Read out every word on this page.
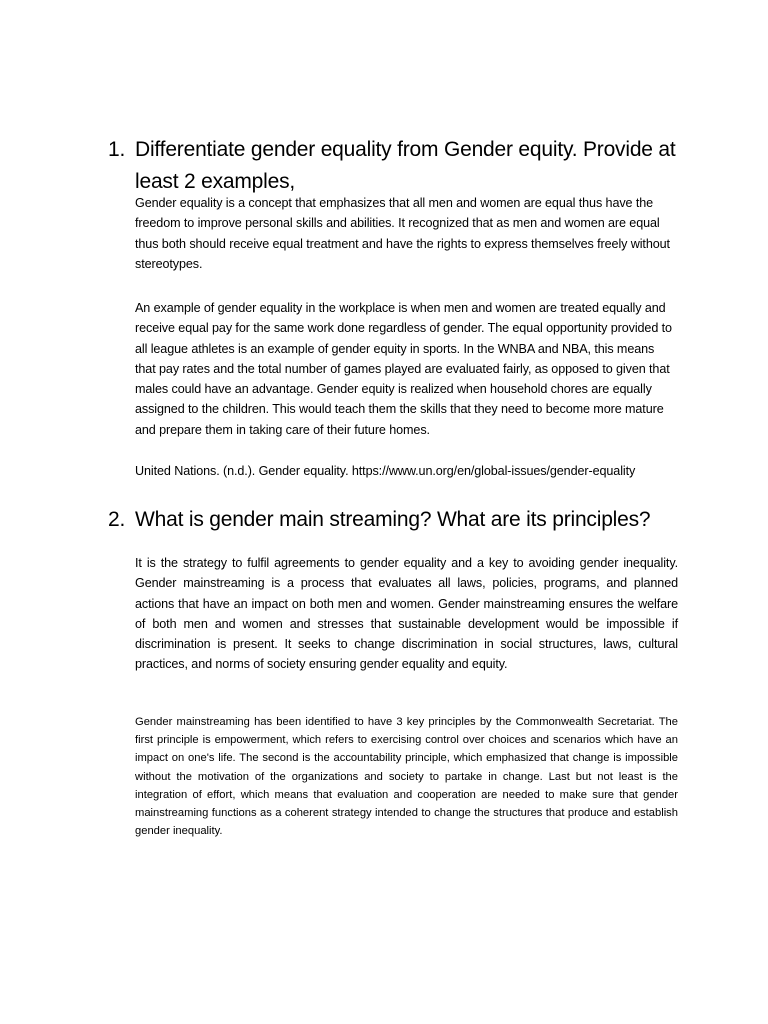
1. Differentiate gender equality from Gender equity. Provide at least 2 examples,

Gender equality is a concept that emphasizes that all men and women are equal thus have the freedom to improve personal skills and abilities. It recognized that as men and women are equal thus both should receive equal treatment and have the rights to express themselves freely without stereotypes.

An example of gender equality in the workplace is when men and women are treated equally and receive equal pay for the same work done regardless of gender. The equal opportunity provided to all league athletes is an example of gender equity in sports. In the WNBA and NBA, this means that pay rates and the total number of games played are evaluated fairly, as opposed to given that males could have an advantage. Gender equity is realized when household chores are equally assigned to the children. This would teach them the skills that they need to become more mature and prepare them in taking care of their future homes.

United Nations. (n.d.). Gender equality. https://www.un.org/en/global-issues/gender-equality

2. What is gender main streaming? What are its principles?

It is the strategy to fulfil agreements to gender equality and a key to avoiding gender inequality. Gender mainstreaming is a process that evaluates all laws, policies, programs, and planned actions that have an impact on both men and women. Gender mainstreaming ensures the welfare of both men and women and stresses that sustainable development would be impossible if discrimination is present. It seeks to change discrimination in social structures, laws, cultural practices, and norms of society ensuring gender equality and equity.

Gender mainstreaming has been identified to have 3 key principles by the Commonwealth Secretariat. The first principle is empowerment, which refers to exercising control over choices and scenarios which have an impact on one's life. The second is the accountability principle, which emphasized that change is impossible without the motivation of the organizations and society to partake in change. Last but not least is the integration of effort, which means that evaluation and cooperation are needed to make sure that gender mainstreaming functions as a coherent strategy intended to change the structures that produce and establish gender inequality.
